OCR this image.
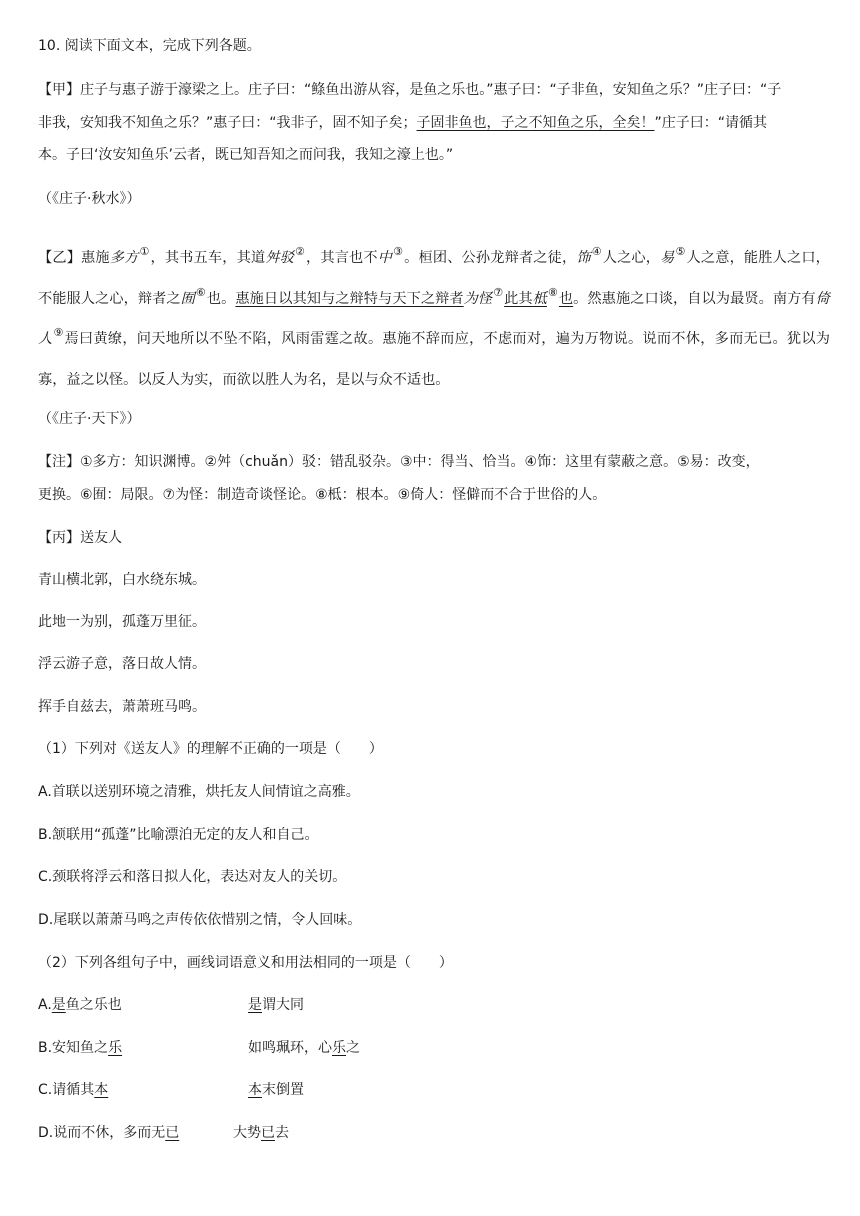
10. 阅读下面文本，完成下列各题。
【甲】庄子与惠子游于濠梁之上。庄子曰：“鲦鱼出游从容，是鱼之乐也。”惠子曰：“子非鱼，安知鱼之乐？”庄子曰：“子
非我，安知我不知鱼之乐？”惠子曰：“我非子，固不知子矣；子固非鱼也，子之不知鱼之乐，全矣！”庄子曰：“请循其
本。子曰‘汝安知鱼乐’云者，既已知吾知之而问我，我知之濠上也。”
（《庄子·秋水》）
【乙】惠施多方①，其书五车，其道舛驳②，其言也不中③。桓团、公孙龙辩者之徒，饰④人之心，易⑤人之意，能胜人之口，不能服人之心，辩者之囿⑥也。惠施日以其知与之辩特与天下之辩者为怪⑦此其柢⑧也。然惠施之口谈，自以为最贤。南方有倚人⑨焉曰黄缭，问天地所以不坠不陷，风雨雷霆之故。惠施不辞而应，不虑而对，遍为万物说。说而不休，多而无已。犹以为寡，益之以怪。以反人为实，而欲以胜人为名，是以与众不适也。
（《庄子·天下》）
【注】①多方：知识渊博。②舛（chuǎn）驳：错乱驳杂。③中：得当、恰当。④饰：这里有蒙蔽之意。⑤易：改变，
更换。⑥囿：局限。⑦为怪：制造奇谈怪论。⑧柢：根本。⑨倚人：怪僻而不合于世俗的人。
【丙】送友人
青山横北郭，白水绕东城。
此地一为别，孤蓬万里征。
浮云游子意，落日故人情。
挥手自兹去，萧萧班马鸣。
（1）下列对《送友人》的理解不正确的一项是（　　）
A.首联以送别环境之清雅，烘托友人间情谊之高雅。
B.颔联用“孤蓬”比喻漂泊无定的友人和自己。
C.颈联将浮云和落日拟人化，表达对友人的关切。
D.尾联以萧萧马鸣之声传依依惜别之情，令人回味。
（2）下列各组句子中，画线词语意义和用法相同的一项是（　　）
A.是鱼之乐也	是谓大同
B.安知鱼之乐	如鸣珮环，心乐之
C.请循其本	本末倒置
D.说而不休，多而无已	大势已去
